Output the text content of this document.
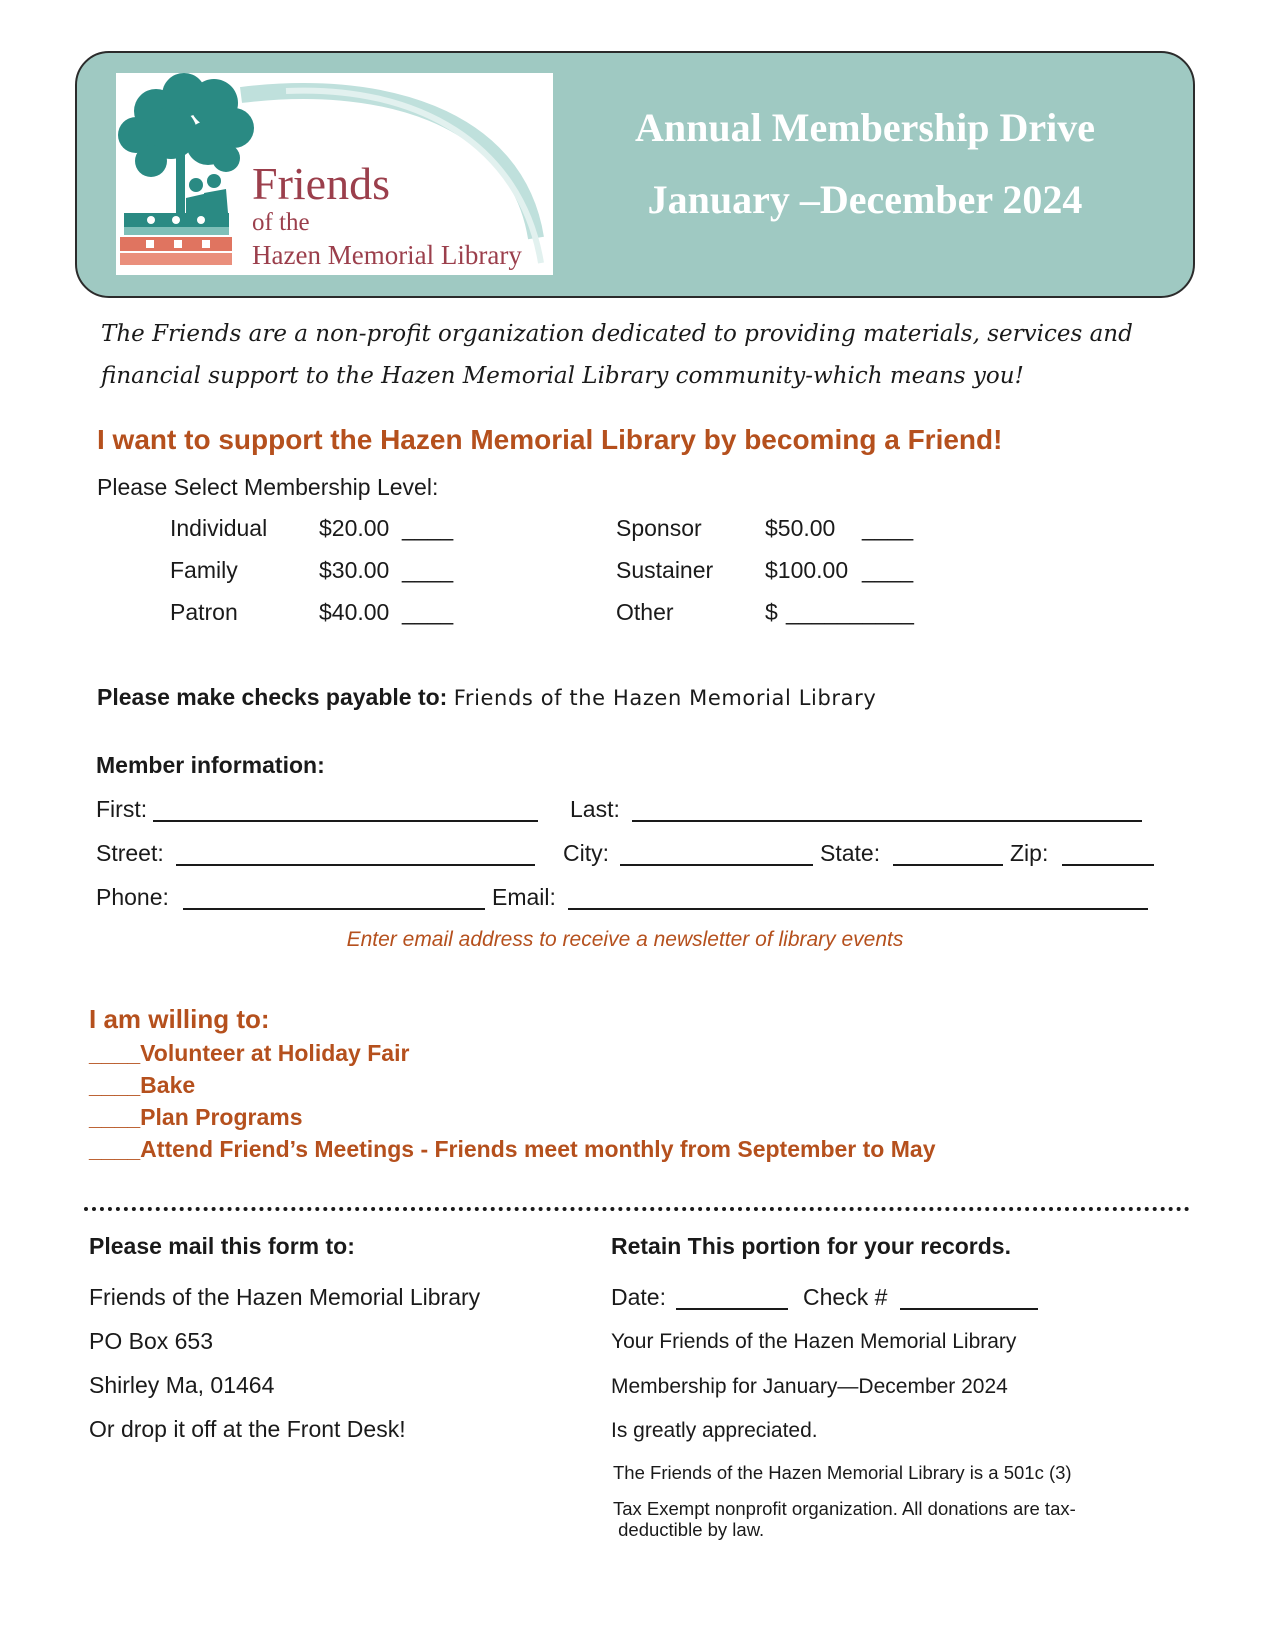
Friends
of the
Hazen Memorial Library
Annual Membership Drive
January –December 2024
The Friends are a non-profit organization dedicated to providing materials, services and
financial support to the Hazen Memorial Library community-which means you!
I want to support the Hazen Memorial Library by becoming a Friend!
Please Select Membership Level:
Individual $20.00 ____
Family	$30.00 ____
Patron	$40.00 ____
Sponsor	$50.00 ____
Sustainer $100.00 ____
Other	$ __________
Please make checks payable to: Friends of the Hazen Memorial Library
Member information:
First:	Last:
Street:	City:	State:	Zip:
Phone:	Email:
Enter email address to receive a newsletter of library events
I am willing to:
____Volunteer at Holiday Fair
____Bake
____Plan Programs
____Attend Friend’s Meetings - Friends meet monthly from September to May
Please mail this form to:
Friends of the Hazen Memorial Library
PO Box 653
Shirley Ma, 01464
Or drop it off at the Front Desk!
Retain This portion for your records.
Date:	Check #
Your Friends of the Hazen Memorial Library
Membership for January—December 2024
Is greatly appreciated.
The Friends of the Hazen Memorial Library is a 501c (3)
Tax Exempt nonprofit organization. All donations are tax-
deductible by law.
